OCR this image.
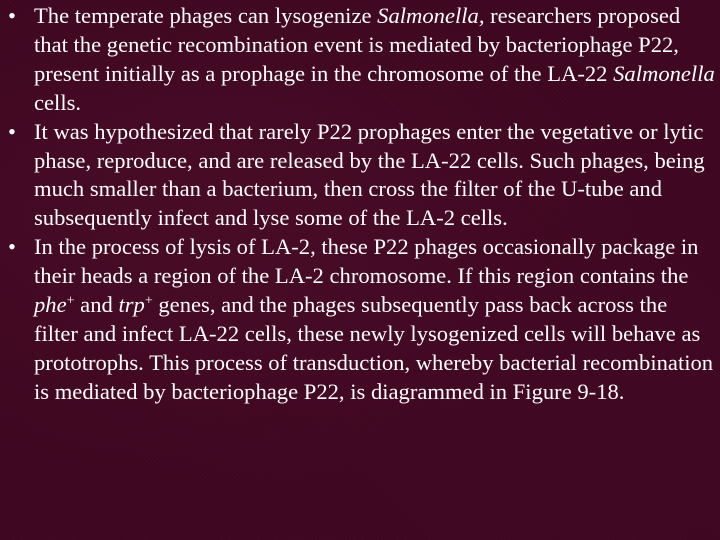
• The temperate phages can lysogenize Salmonella, researchers proposed that the genetic recombination event is mediated by bacteriophage P22, present initially as a prophage in the chromosome of the LA-22 Salmonella cells.
• It was hypothesized that rarely P22 prophages enter the vegetative or lytic phase, reproduce, and are released by the LA-22 cells. Such phages, being much smaller than a bacterium, then cross the filter of the U-tube and subsequently infect and lyse some of the LA-2 cells.
• In the process of lysis of LA-2, these P22 phages occasionally package in their heads a region of the LA-2 chromosome. If this region contains the phe+ and trp+ genes, and the phages subsequently pass back across the filter and infect LA-22 cells, these newly lysogenized cells will behave as prototrophs. This process of transduction, whereby bacterial recombination is mediated by bacteriophage P22, is diagrammed in Figure 9-18.
